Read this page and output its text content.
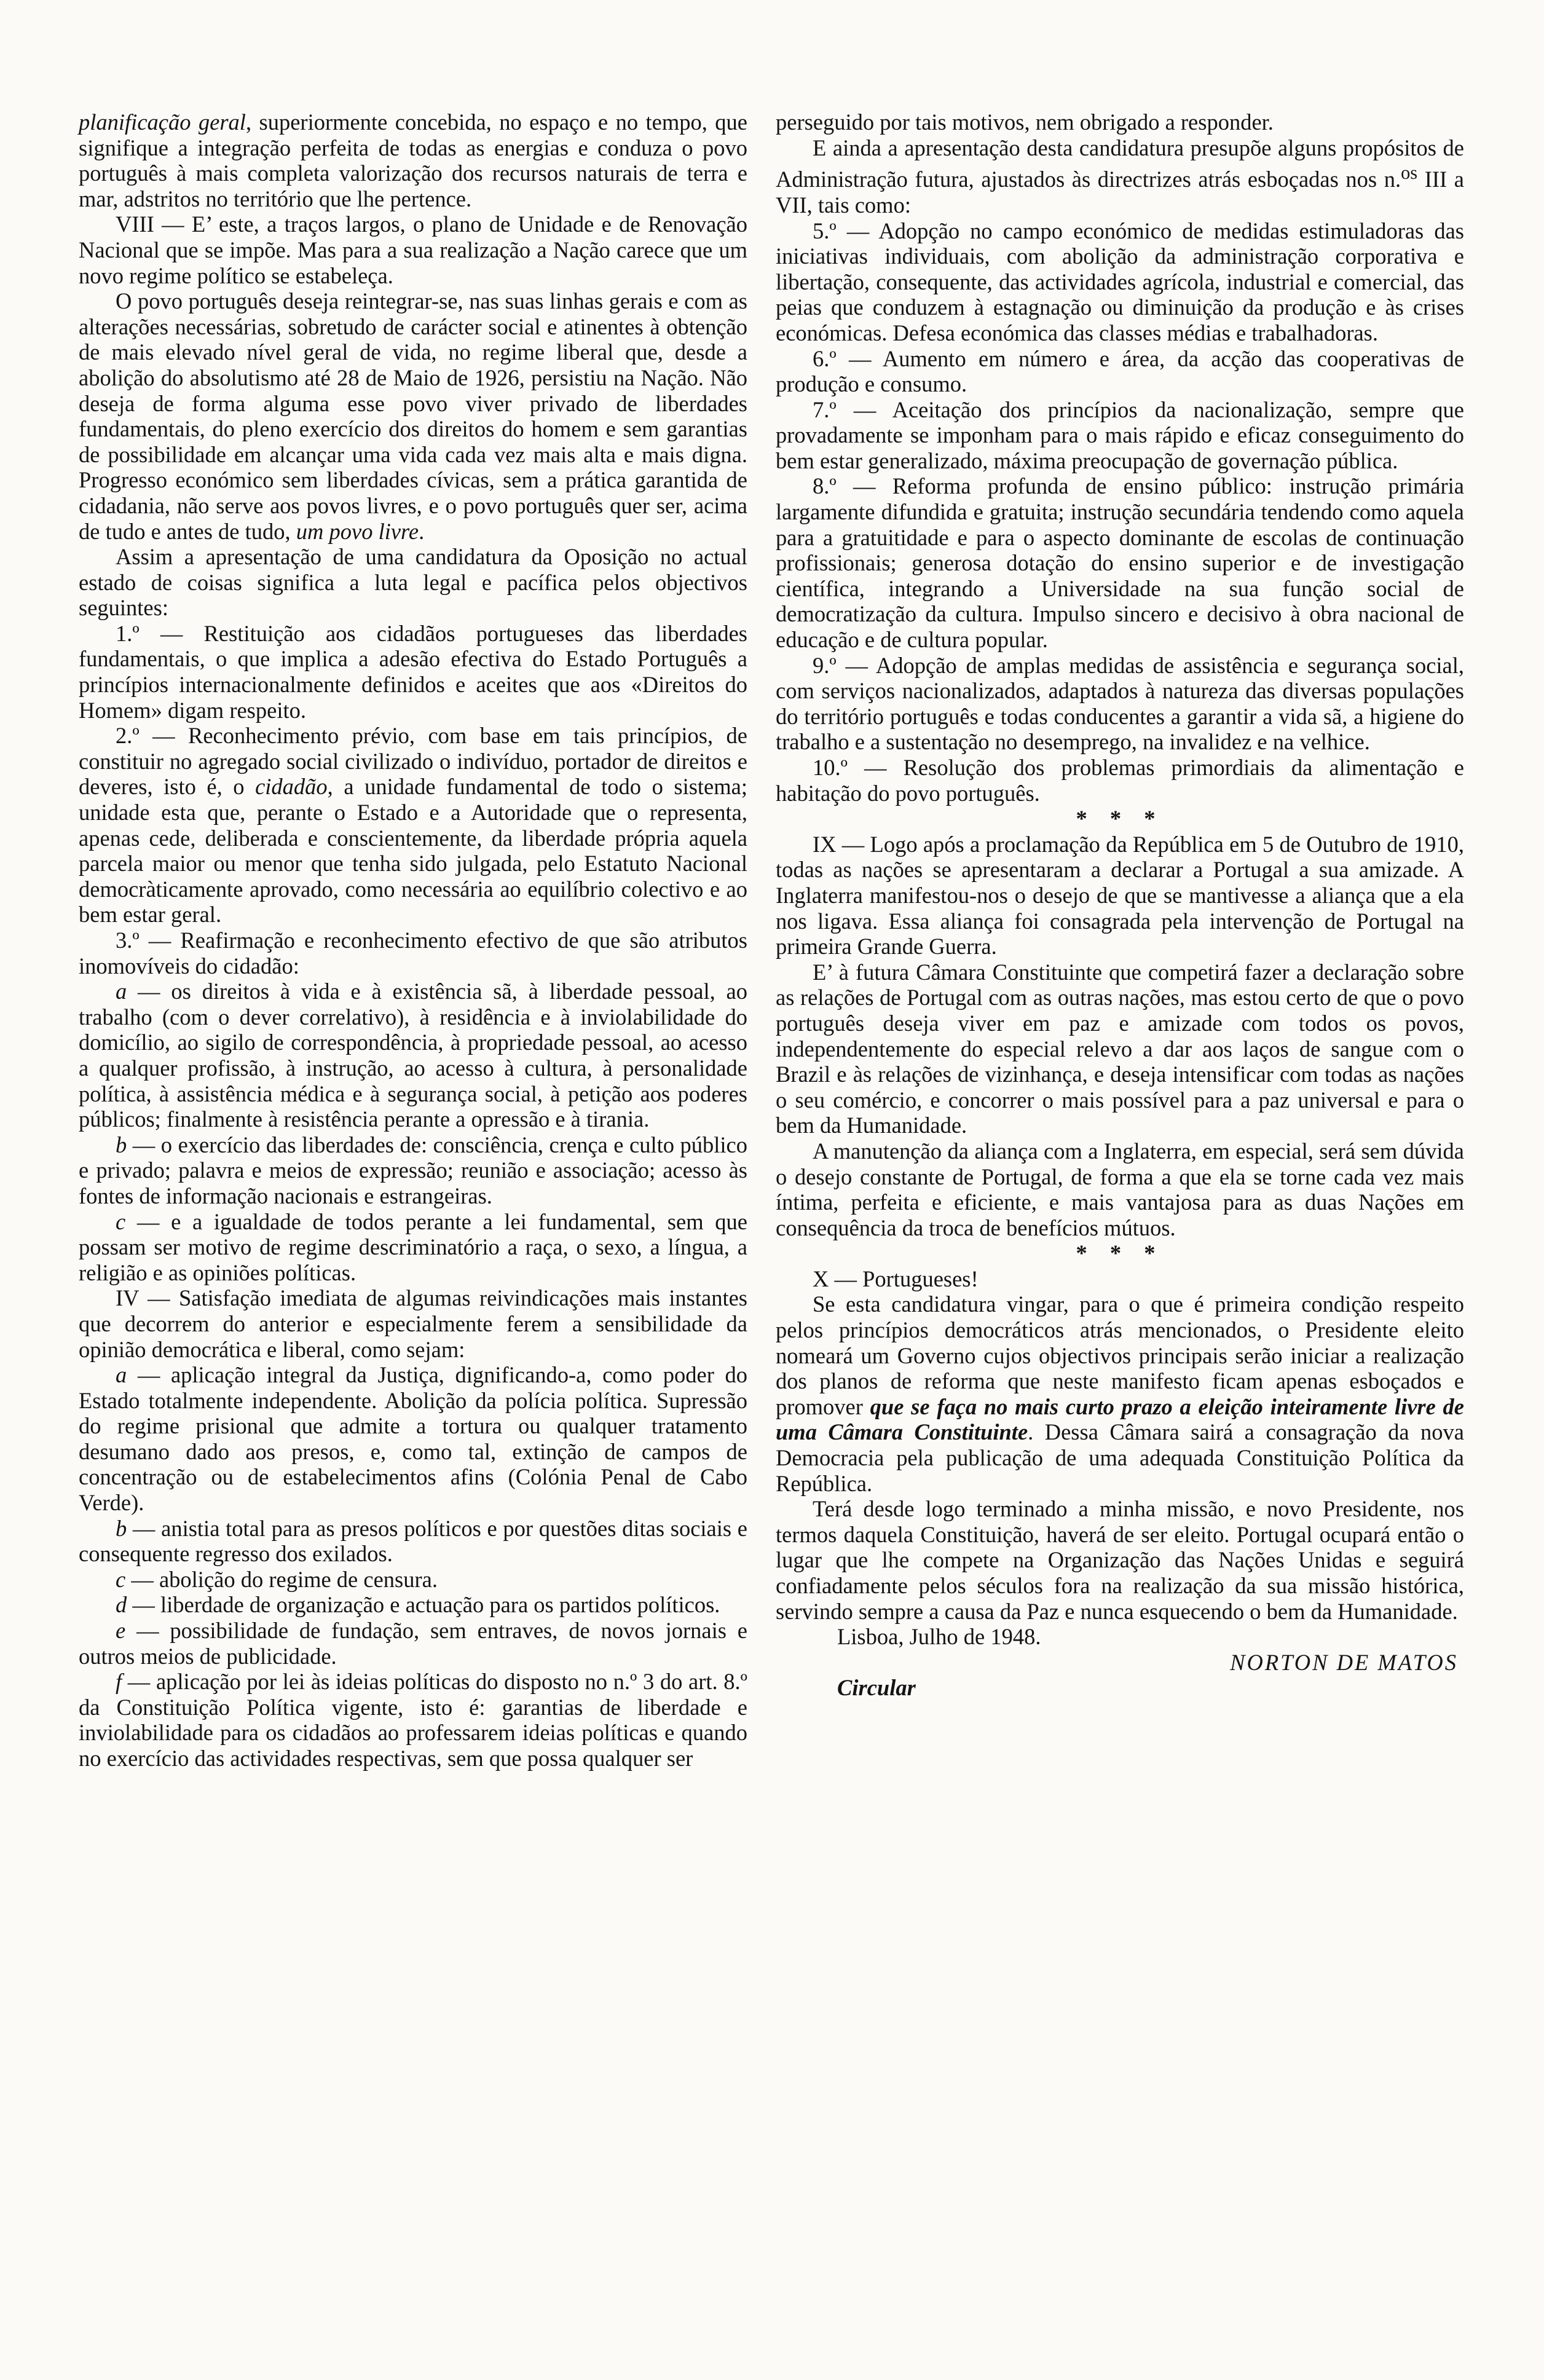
planificação geral, superiormente concebida, no espaço e no tempo, que signifique a integração perfeita de todas as energias e conduza o povo português à mais completa valorização dos recursos naturais de terra e mar, adstritos no território que lhe pertence.

VIII — E’ este, a traços largos, o plano de Unidade e de Renovação Nacional que se impõe. Mas para a sua realização a Nação carece que um novo regime político se estabeleça.

O povo português deseja reintegrar-se, nas suas linhas gerais e com as alterações necessárias, sobretudo de carácter social e atinentes à obtenção de mais elevado nível geral de vida, no regime liberal que, desde a abolição do absolutismo até 28 de Maio de 1926, persistiu na Nação. Não deseja de forma alguma esse povo viver privado de liberdades fundamentais, do pleno exercício dos direitos do homem e sem garantias de possibilidade em alcançar uma vida cada vez mais alta e mais digna. Progresso económico sem liberdades cívicas, sem a prática garantida de cidadania, não serve aos povos livres, e o povo português quer ser, acima de tudo e antes de tudo, um povo livre.

Assim a apresentação de uma candidatura da Oposição no actual estado de coisas significa a luta legal e pacífica pelos objectivos seguintes:

1.º — Restituição aos cidadãos portugueses das liberdades fundamentais, o que implica a adesão efectiva do Estado Português a princípios internacionalmente definidos e aceites que aos «Direitos do Homem» digam respeito.

2.º — Reconhecimento prévio, com base em tais princípios, de constituir no agregado social civilizado o indivíduo, portador de direitos e deveres, isto é, o cidadão, a unidade fundamental de todo o sistema; unidade esta que, perante o Estado e a Autoridade que o representa, apenas cede, deliberada e conscientemente, da liberdade própria aquela parcela maior ou menor que tenha sido julgada, pelo Estatuto Nacional democràticamente aprovado, como necessária ao equilíbrio colectivo e ao bem estar geral.

3.º — Reafirmação e reconhecimento efectivo de que são atributos inomovíveis do cidadão:

a — os direitos à vida e à existência sã, à liberdade pessoal, ao trabalho (com o dever correlativo), à residência e à inviolabilidade do domicílio, ao sigilo de correspondência, à propriedade pessoal, ao acesso a qualquer profissão, à instrução, ao acesso à cultura, à personalidade política, à assistência médica e à segurança social, à petição aos poderes públicos; finalmente à resistência perante a opressão e à tirania.

b — o exercício das liberdades de: consciência, crença e culto público e privado; palavra e meios de expressão; reunião e associação; acesso às fontes de informação nacionais e estrangeiras.

c — e a igualdade de todos perante a lei fundamental, sem que possam ser motivo de regime descriminatório a raça, o sexo, a língua, a religião e as opiniões políticas.

IV — Satisfação imediata de algumas reivindicações mais instantes que decorrem do anterior e especialmente ferem a sensibilidade da opinião democrática e liberal, como sejam:

a — aplicação integral da Justiça, dignificando-a, como poder do Estado totalmente independente. Abolição da polícia política. Supressão do regime prisional que admite a tortura ou qualquer tratamento desumano dado aos presos, e, como tal, extinção de campos de concentração ou de estabelecimentos afins (Colónia Penal de Cabo Verde).

b — anistia total para as presos políticos e por questões ditas sociais e consequente regresso dos exilados.

c — abolição do regime de censura.

d — liberdade de organização e actuação para os partidos políticos.

e — possibilidade de fundação, sem entraves, de novos jornais e outros meios de publicidade.

f — aplicação por lei às ideias políticas do disposto no n.º 3 do art. 8.º da Constituição Política vigente, isto é: garantias de liberdade e inviolabilidade para os cidadãos ao professarem ideias políticas e quando no exercício das actividades respectivas, sem que possa qualquer ser

perseguido por tais motivos, nem obrigado a responder.

E ainda a apresentação desta candidatura presupõe alguns propósitos de Administração futura, ajustados às directrizes atrás esboçadas nos n.$^{os}$ III a VII, tais como:

5.º — Adopção no campo económico de medidas estimuladoras das iniciativas individuais, com abolição da administração corporativa e libertação, consequente, das actividades agrícola, industrial e comercial, das peias que conduzem à estagnação ou diminuição da produção e às crises económicas. Defesa económica das classes médias e trabalhadoras.

6.º — Aumento em número e área, da acção das cooperativas de produção e consumo.

7.º — Aceitação dos princípios da nacionalização, sempre que provadamente se imponham para o mais rápido e eficaz conseguimento do bem estar generalizado, máxima preocupação de governação pública.

8.º — Reforma profunda de ensino público: instrução primária largamente difundida e gratuita; instrução secundária tendendo como aquela para a gratuitidade e para o aspecto dominante de escolas de continuação profissionais; generosa dotação do ensino superior e de investigação científica, integrando a Universidade na sua função social de democratização da cultura. Impulso sincero e decisivo à obra nacional de educação e de cultura popular.

9.º — Adopção de amplas medidas de assistência e segurança social, com serviços nacionalizados, adaptados à natureza das diversas populações do território português e todas conducentes a garantir a vida sã, a higiene do trabalho e a sustentação no desemprego, na invalidez e na velhice.

10.º — Resolução dos problemas primordiais da alimentação e habitação do povo português.

* * *

IX — Logo após a proclamação da República em 5 de Outubro de 1910, todas as nações se apresentaram a declarar a Portugal a sua amizade. A Inglaterra manifestou-nos o desejo de que se mantivesse a aliança que a ela nos ligava. Essa aliança foi consagrada pela intervenção de Portugal na primeira Grande Guerra.

E’ à futura Câmara Constituinte que competirá fazer a declaração sobre as relações de Portugal com as outras nações, mas estou certo de que o povo português deseja viver em paz e amizade com todos os povos, independentemente do especial relevo a dar aos laços de sangue com o Brazil e às relações de vizinhança, e deseja intensificar com todas as nações o seu comércio, e concorrer o mais possível para a paz universal e para o bem da Humanidade.

A manutenção da aliança com a Inglaterra, em especial, será sem dúvida o desejo constante de Portugal, de forma a que ela se torne cada vez mais íntima, perfeita e eficiente, e mais vantajosa para as duas Nações em consequência da troca de benefícios mútuos.

* * *

X — Portugueses!

Se esta candidatura vingar, para o que é primeira condição respeito pelos princípios democráticos atrás mencionados, o Presidente eleito nomeará um Governo cujos objectivos principais serão iniciar a realização dos planos de reforma que neste manifesto ficam apenas esboçados e promover que se faça no mais curto prazo a eleição inteiramente livre de uma Câmara Constituinte. Dessa Câmara sairá a consagração da nova Democracia pela publicação de uma adequada Constituição Política da República.

Terá desde logo terminado a minha missão, e novo Presidente, nos termos daquela Constituição, haverá de ser eleito. Portugal ocupará então o lugar que lhe compete na Organização das Nações Unidas e seguirá confiadamente pelos séculos fora na realização da sua missão histórica, servindo sempre a causa da Paz e nunca esquecendo o bem da Humanidade.

Lisboa, Julho de 1948.

NORTON DE MATOS

Circular
